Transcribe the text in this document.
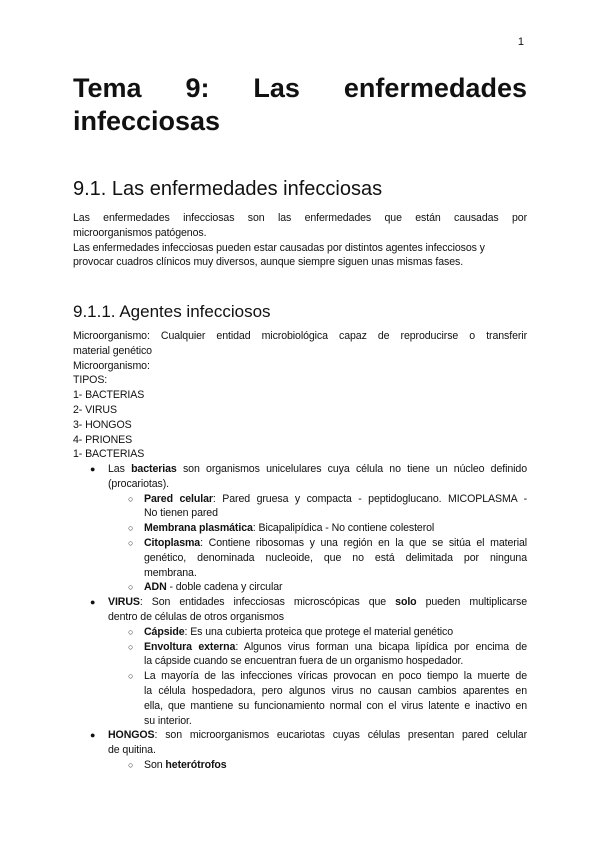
1
Tema 9: Las enfermedades
infecciosas
9.1. Las enfermedades infecciosas
Las enfermedades infecciosas son las enfermedades que están causadas por
microorganismos patógenos.
Las enfermedades infecciosas pueden estar causadas por distintos agentes infecciosos y
provocar cuadros clínicos muy diversos, aunque siempre siguen unas mismas fases.
9.1.1. Agentes infecciosos
Microorganismo: Cualquier entidad microbiológica capaz de reproducirse o transferir
material genético
Microorganismo:
TIPOS:
1- BACTERIAS
2- VIRUS
3- HONGOS
4- PRIONES
1- BACTERIAS
● Las bacterias son organismos unicelulares cuya célula no tiene un núcleo definido
(procariotas).
○ Pared celular: Pared gruesa y compacta - peptidoglucano. MICOPLASMA -
No tienen pared
○ Membrana plasmática: Bicapalipídica - No contiene colesterol
○ Citoplasma: Contiene ribosomas y una región en la que se sitúa el material
genético, denominada nucleoide, que no está delimitada por ninguna
membrana.
○ ADN - doble cadena y circular
● VIRUS: Son entidades infecciosas microscópicas que solo pueden multiplicarse
dentro de células de otros organismos
○ Cápside: Es una cubierta proteica que protege el material genético
○ Envoltura externa: Algunos virus forman una bicapa lipídica por encima de
la cápside cuando se encuentran fuera de un organismo hospedador.
○ La mayoría de las infecciones víricas provocan en poco tiempo la muerte de
la célula hospedadora, pero algunos virus no causan cambios aparentes en
ella, que mantiene su funcionamiento normal con el virus latente e inactivo en
su interior.
● HONGOS: son microorganismos eucariotas cuyas células presentan pared celular
de quitina.
○ Son heterótrofos
